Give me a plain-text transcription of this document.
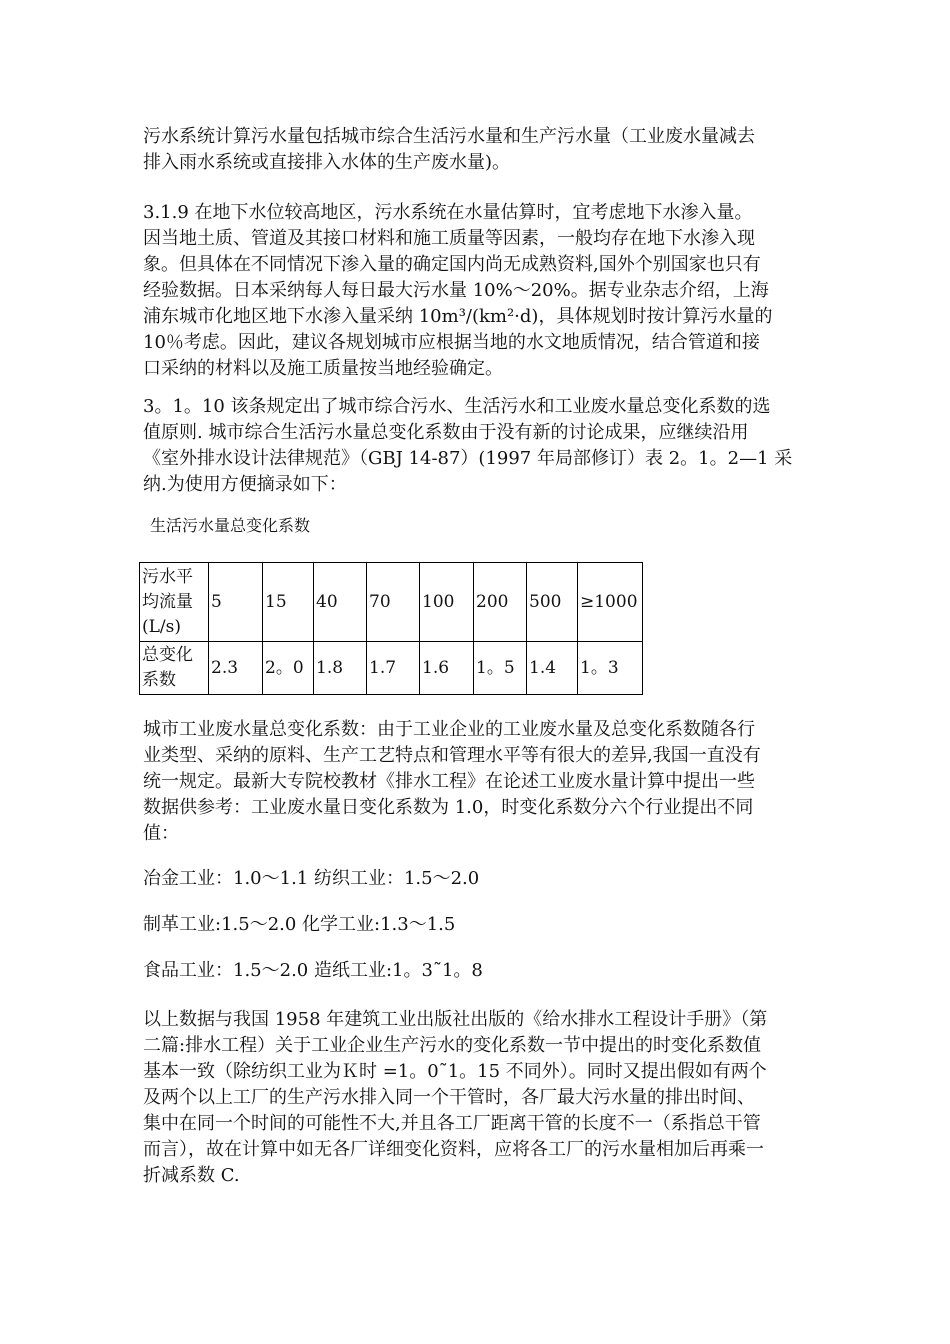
污水系统计算污水量包括城市综合生活污水量和生产污水量（工业废水量减去
排入雨水系统或直接排入水体的生产废水量)。

3.1.9 在地下水位较高地区，污水系统在水量估算时，宜考虑地下水渗入量。
因当地土质、管道及其接口材料和施工质量等因素，一般均存在地下水渗入现
象。但具体在不同情况下渗入量的确定国内尚无成熟资料,国外个别国家也只有
经验数据。日本采纳每人每日最大污水量 10%～20%。据专业杂志介绍，上海
浦东城市化地区地下水渗入量采纳 10m³/(km²·d)，具体规划时按计算污水量的
10％考虑。因此，建议各规划城市应根据当地的水文地质情况，结合管道和接
口采纳的材料以及施工质量按当地经验确定。

3。1。10 该条规定出了城市综合污水、生活污水和工业废水量总变化系数的选
值原则. 城市综合生活污水量总变化系数由于没有新的讨论成果，应继续沿用
《室外排水设计法律规范》（GBJ 14-87）(1997 年局部修订）表 2。1。2—1 采
纳.为使用方便摘录如下：

生活污水量总变化系数
污水平
均流量
(L/s)	5	15	40	70	100	200	500	≥1000

总变化
系数	2.3	2。0	1.8	1.7	1.6	1。5	1.4	1。3

城市工业废水量总变化系数：由于工业企业的工业废水量及总变化系数随各行
业类型、采纳的原料、生产工艺特点和管理水平等有很大的差异,我国一直没有
统一规定。最新大专院校教材《排水工程》在论述工业废水量计算中提出一些
数据供参考：工业废水量日变化系数为 1.0，时变化系数分六个行业提出不同
值：

冶金工业：1.0～1.1 纺织工业：1.5～2.0

制革工业:1.5～2.0 化学工业:1.3～1.5

食品工业：1.5～2.0 造纸工业:1。3˜1。8

以上数据与我国 1958 年建筑工业出版社出版的《给水排水工程设计手册》（第
二篇:排水工程）关于工业企业生产污水的变化系数一节中提出的时变化系数值
基本一致（除纺织工业为Ｋ时 =1。0˜1。15 不同外）。同时又提出假如有两个
及两个以上工厂的生产污水排入同一个干管时，各厂最大污水量的排出时间、
集中在同一个时间的可能性不大,并且各工厂距离干管的长度不一（系指总干管
而言），故在计算中如无各厂详细变化资料，应将各工厂的污水量相加后再乘一
折减系数 C.
